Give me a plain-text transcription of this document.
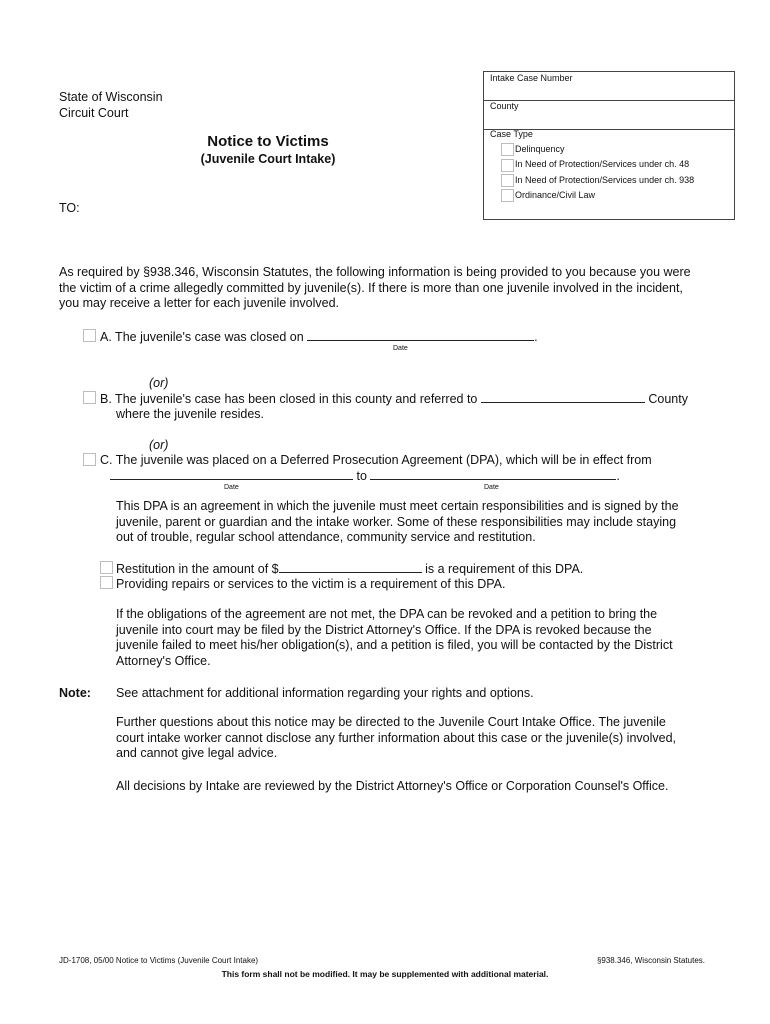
State of Wisconsin
Circuit Court
Notice to Victims
(Juvenile Court Intake)
TO:
Intake Case Number
County
Case Type
Delinquency
In Need of Protection/Services under ch. 48
In Need of Protection/Services under ch. 938
Ordinance/Civil Law
As required by §938.346, Wisconsin Statutes, the following information is being provided to you because you were the victim of a crime allegedly committed by juvenile(s). If there is more than one juvenile involved in the incident, you may receive a letter for each juvenile involved.
A. The juvenile's case was closed on	.
Date
(or)
B. The juvenile's case has been closed in this county and referred to	County
where the juvenile resides.
(or)
C. The juvenile was placed on a Deferred Prosecution Agreement (DPA), which will be in effect from
to	.
Date	Date
This DPA is an agreement in which the juvenile must meet certain responsibilities and is signed by the juvenile, parent or guardian and the intake worker. Some of these responsibilities may include staying out of trouble, regular school attendance, community service and restitution.
Restitution in the amount of $	is a requirement of this DPA.
Providing repairs or services to the victim is a requirement of this DPA.
If the obligations of the agreement are not met, the DPA can be revoked and a petition to bring the juvenile into court may be filed by the District Attorney's Office. If the DPA is revoked because the juvenile failed to meet his/her obligation(s), and a petition is filed, you will be contacted by the District Attorney's Office.
Note: See attachment for additional information regarding your rights and options.
Further questions about this notice may be directed to the Juvenile Court Intake Office. The juvenile court intake worker cannot disclose any further information about this case or the juvenile(s) involved, and cannot give legal advice.
All decisions by Intake are reviewed by the District Attorney's Office or Corporation Counsel's Office.
JD-1708, 05/00 Notice to Victims (Juvenile Court Intake)	§938.346, Wisconsin Statutes.
This form shall not be modified. It may be supplemented with additional material.
